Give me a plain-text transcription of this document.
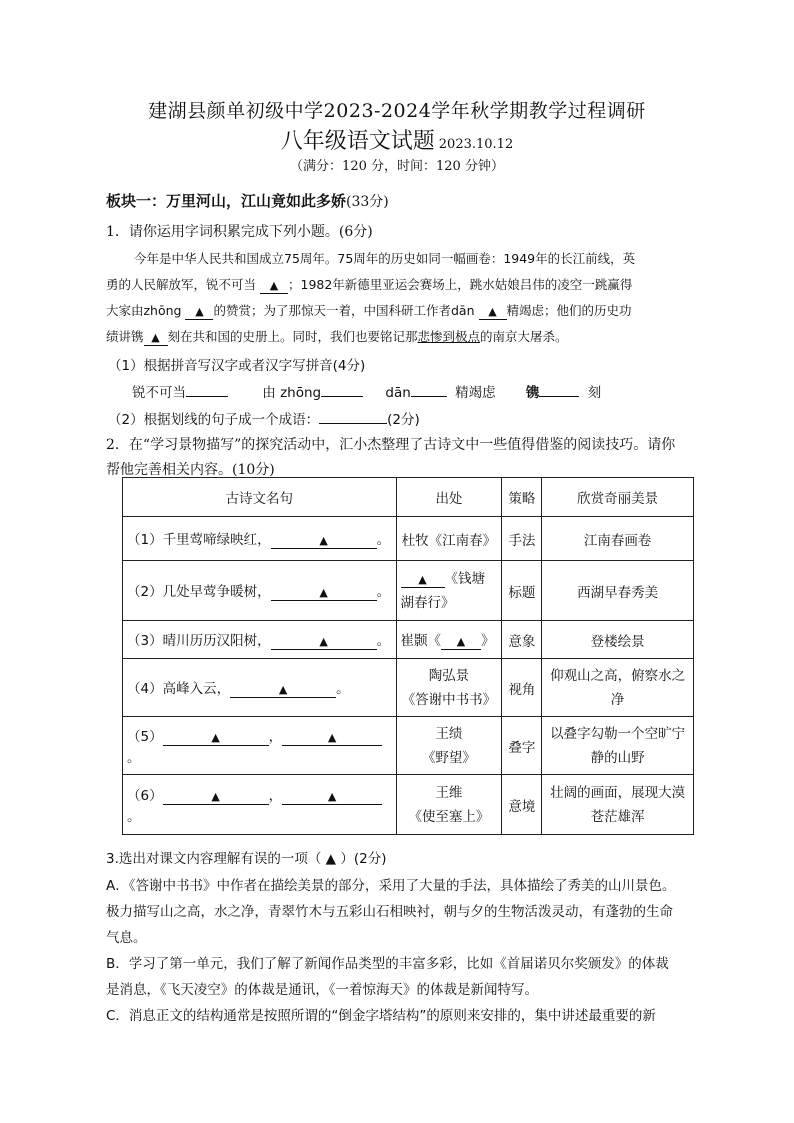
建湖县颜单初级中学2023-2024学年秋学期教学过程调研
八年级语文试题 2023.10.12
（满分：120 分，时间：120 分钟）
板块一：万里河山，江山竟如此多娇(33分)
1．请你运用字词积累完成下列小题。(6分)
今年是中华人民共和国成立75周年。75周年的历史如同一幅画卷：1949年的长江前线，英
勇的人民解放军，锐不可当 ▲ ；1982年新德里亚运会赛场上，跳水姑娘吕伟的凌空一跳赢得
大家由zhōng ▲ 的赞赏；为了那惊天一着，中国科研工作者dān ▲ 精竭虑；他们的历史功
绩讲镌 ▲ 刻在共和国的史册上。同时，我们也要铭记那悲惨到极点的南京大屠杀。
（1）根据拼音写汉字或者汉字写拼音(4分)
锐不可当	由 zhōng	dān	精竭虑 镌	刻
（2）根据划线的句子成一个成语：	(2分)
2．在“学习景物描写”的探究活动中，汇小杰整理了古诗文中一些值得借鉴的阅读技巧。请你
帮他完善相关内容。(10分)
古诗文名句	出处	策略	欣赏奇丽美景
（1）千里莺啼绿映红， ▲ 。	杜牧《江南春》	手法	江南春画卷
（2）几处早莺争暖树， ▲ 。	▲ 《钱塘
湖春行》	标题	西湖早春秀美
（3）晴川历历汉阳树， ▲ 。	崔颢《 ▲ 》	意象	登楼绘景
（4）高峰入云， ▲ 。	陶弘景
《答谢中书书》	视角	仰观山之高，俯察水之
净
（5） ▲ ， ▲。	王绩
《野望》	叠字	以叠字勾勒一个空旷宁
静的山野
（6） ▲ ， ▲。	王维
《使至塞上》	意境	壮阔的画面，展现大漠
苍茫雄浑
3.选出对课文内容理解有误的一项（ ▲ ）(2分)
A．《答谢中书书》中作者在描绘美景的部分，采用了大量的手法，具体描绘了秀美的山川景色。
极力描写山之高，水之净，青翠竹木与五彩山石相映衬，朝与夕的生物活泼灵动，有蓬勃的生命
气息。
B．学习了第一单元，我们了解了新闻作品类型的丰富多彩，比如《首届诺贝尔奖颁发》的体裁
是消息，《飞天凌空》的体裁是通讯，《一着惊海天》的体裁是新闻特写。
C．消息正文的结构通常是按照所谓的“倒金字塔结构”的原则来安排的，集中讲述最重要的新
